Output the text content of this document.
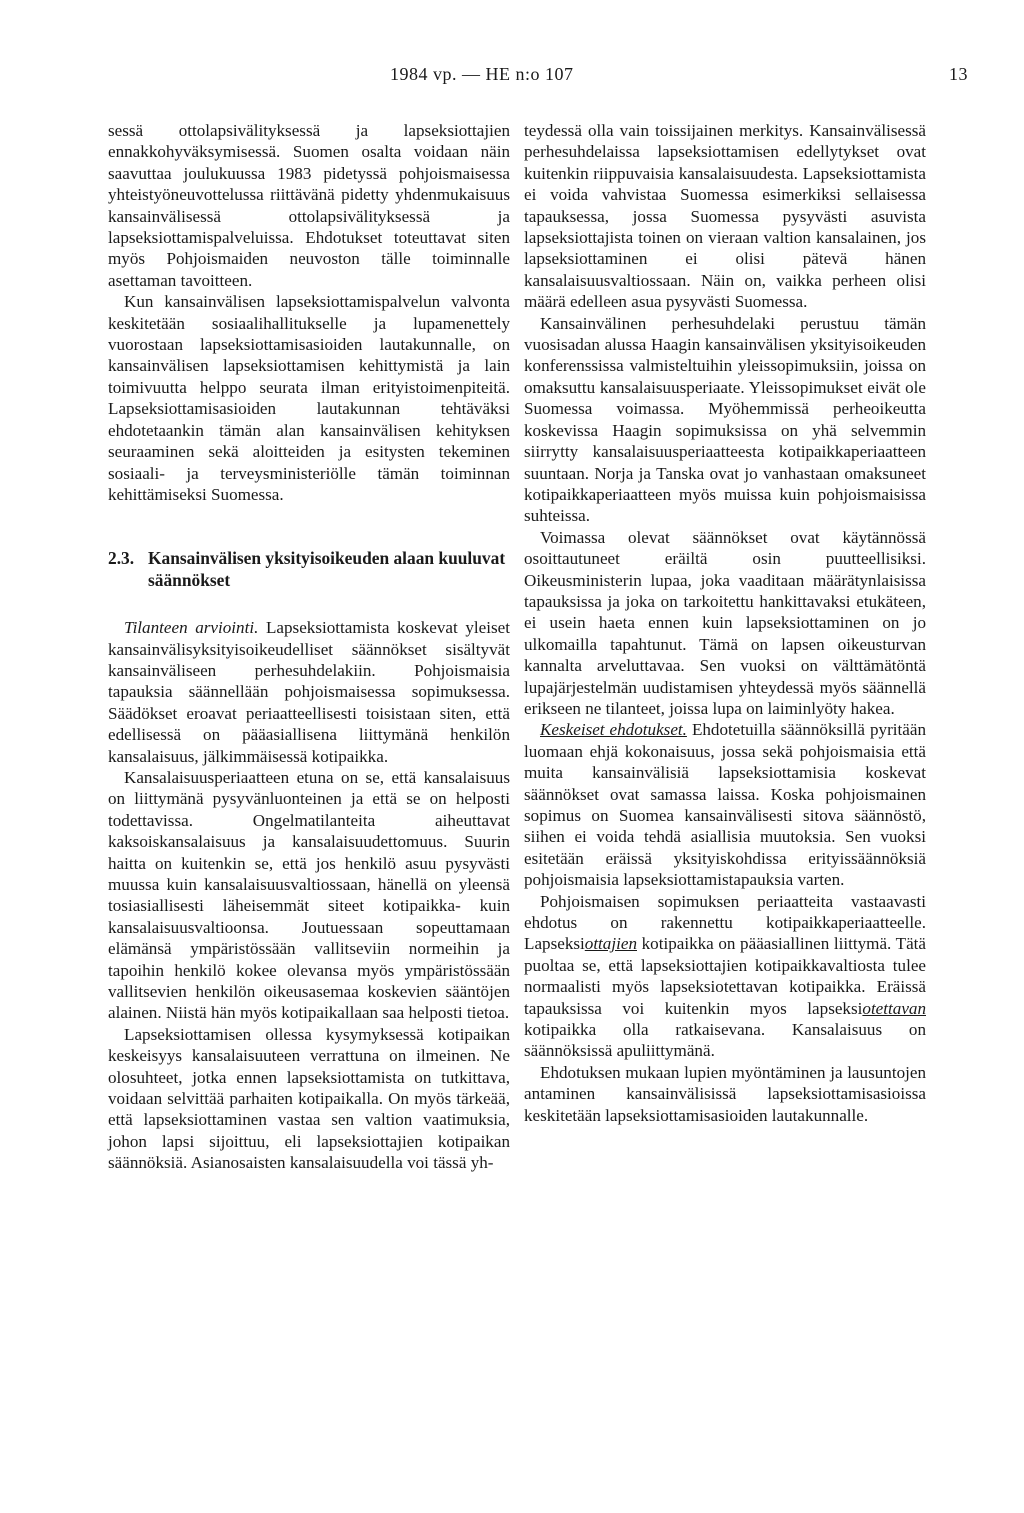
1984 vp. — HE n:o 107	13

sessä ottolapsivälityksessä ja lapseksiottajien ennakkohyväksymisessä. Suomen osalta voidaan näin saavuttaa joulukuussa 1983 pidetyssä pohjoismaisessa yhteistyöneuvottelussa riittävänä pidetty yhdenmukaisuus kansainvälisessä ottolapsivälityksessä ja lapseksiottamispalveluissa. Ehdotukset toteuttavat siten myös Pohjoismaiden neuvoston tälle toiminnalle asettaman tavoitteen.

Kun kansainvälisen lapseksiottamispalvelun valvonta keskitetään sosiaalihallitukselle ja lupamenettely vuorostaan lapseksiottamisasioiden lautakunnalle, on kansainvälisen lapseksiottamisen kehittymistä ja lain toimivuutta helppo seurata ilman erityistoimenpiteitä. Lapseksiottamisasioiden lautakunnan tehtäväksi ehdotetaankin tämän alan kansainvälisen kehityksen seuraaminen sekä aloitteiden ja esitysten tekeminen sosiaali- ja terveysministeriölle tämän toiminnan kehittämiseksi Suomessa.

2.3. Kansainvälisen yksityisoikeuden alaan kuuluvat säännökset

Tilanteen arviointi. Lapseksiottamista koskevat yleiset kansainvälisyksityisoikeudelliset säännökset sisältyvät kansainväliseen perhesuhdelakiin. Pohjoismaisia tapauksia säännellään pohjoismaisessa sopimuksessa. Säädökset eroavat periaatteellisesti toisistaan siten, että edellisessä on pääasiallisena liittymänä henkilön kansalaisuus, jälkimmäisessä kotipaikka.

Kansalaisuusperiaatteen etuna on se, että kansalaisuus on liittymänä pysyvänluonteinen ja että se on helposti todettavissa. Ongelmatilanteita aiheuttavat kaksoiskansalaisuus ja kansalaisuudettomuus. Suurin haitta on kuitenkin se, että jos henkilö asuu pysyvästi muussa kuin kansalaisuusvaltiossaan, hänellä on yleensä tosiasiallisesti läheisemmät siteet kotipaikka- kuin kansalaisuusvaltioonsa. Joutuessaan sopeuttamaan elämänsä ympäristössään vallitseviin normeihin ja tapoihin henkilö kokee olevansa myös ympäristössään vallitsevien henkilön oikeusasemaa koskevien sääntöjen alainen. Niistä hän myös kotipaikallaan saa helposti tietoa.

Lapseksiottamisen ollessa kysymyksessä kotipaikan keskeisyys kansalaisuuteen verrattuna on ilmeinen. Ne olosuhteet, jotka ennen lapseksiottamista on tutkittava, voidaan selvittää parhaiten kotipaikalla. On myös tärkeää, että lapseksiottaminen vastaa sen valtion vaatimuksia, johon lapsi sijoittuu, eli lapseksiottajien kotipaikan säännöksiä. Asianosaisten kansalaisuudella voi tässä yh-

teydessä olla vain toissijainen merkitys. Kansainvälisessä perhesuhdelaissa lapseksiottamisen edellytykset ovat kuitenkin riippuvaisia kansalaisuudesta. Lapseksiottamista ei voida vahvistaa Suomessa esimerkiksi sellaisessa tapauksessa, jossa Suomessa pysyvästi asuvista lapseksiottajista toinen on vieraan valtion kansalainen, jos lapseksiottaminen ei olisi pätevä hänen kansalaisuusvaltiossaan. Näin on, vaikka perheen olisi määrä edelleen asua pysyvästi Suomessa.

Kansainvälinen perhesuhdelaki perustuu tämän vuosisadan alussa Haagin kansainvälisen yksityisoikeuden konferenssissa valmisteltuihin yleissopimuksiin, joissa on omaksuttu kansalaisuusperiaate. Yleissopimukset eivät ole Suomessa voimassa. Myöhemmissä perheoikeutta koskevissa Haagin sopimuksissa on yhä selvemmin siirrytty kansalaisuusperiaatteesta kotipaikkaperiaatteen suuntaan. Norja ja Tanska ovat jo vanhastaan omaksuneet kotipaikkaperiaatteen myös muissa kuin pohjoismaisissa suhteissa.

Voimassa olevat säännökset ovat käytännössä osoittautuneet eräiltä osin puutteellisiksi. Oikeusministerin lupaa, joka vaaditaan määrätynlaisissa tapauksissa ja joka on tarkoitettu hankittavaksi etukäteen, ei usein haeta ennen kuin lapseksiottaminen on jo ulkomailla tapahtunut. Tämä on lapsen oikeusturvan kannalta arveluttavaa. Sen vuoksi on välttämätöntä lupajärjestelmän uudistamisen yhteydessä myös säännellä erikseen ne tilanteet, joissa lupa on laiminlyöty hakea.

Keskeiset ehdotukset. Ehdotetuilla säännöksillä pyritään luomaan ehjä kokonaisuus, jossa sekä pohjoismaisia että muita kansainvälisiä lapseksiottamisia koskevat säännökset ovat samassa laissa. Koska pohjoismainen sopimus on Suomea kansainvälisesti sitova säännöstö, siihen ei voida tehdä asiallisia muutoksia. Sen vuoksi esitetään eräissä yksityiskohdissa erityissäännöksiä pohjoismaisia lapseksiottamistapauksia varten.

Pohjoismaisen sopimuksen periaatteita vastaavasti ehdotus on rakennettu kotipaikkaperiaatteelle. Lapseksiottajien kotipaikka on pääasiallinen liittymä. Tätä puoltaa se, että lapseksiottajien kotipaikkavaltiosta tulee normaalisti myös lapseksiotettavan kotipaikka. Eräissä tapauksissa voi kuitenkin myos lapseksiotettavan kotipaikka olla ratkaisevana. Kansalaisuus on säännöksissä apuliittymänä.

Ehdotuksen mukaan lupien myöntäminen ja lausuntojen antaminen kansainvälisissä lapseksiottamisasioissa keskitetään lapseksiottamisasioiden lautakunnalle.
